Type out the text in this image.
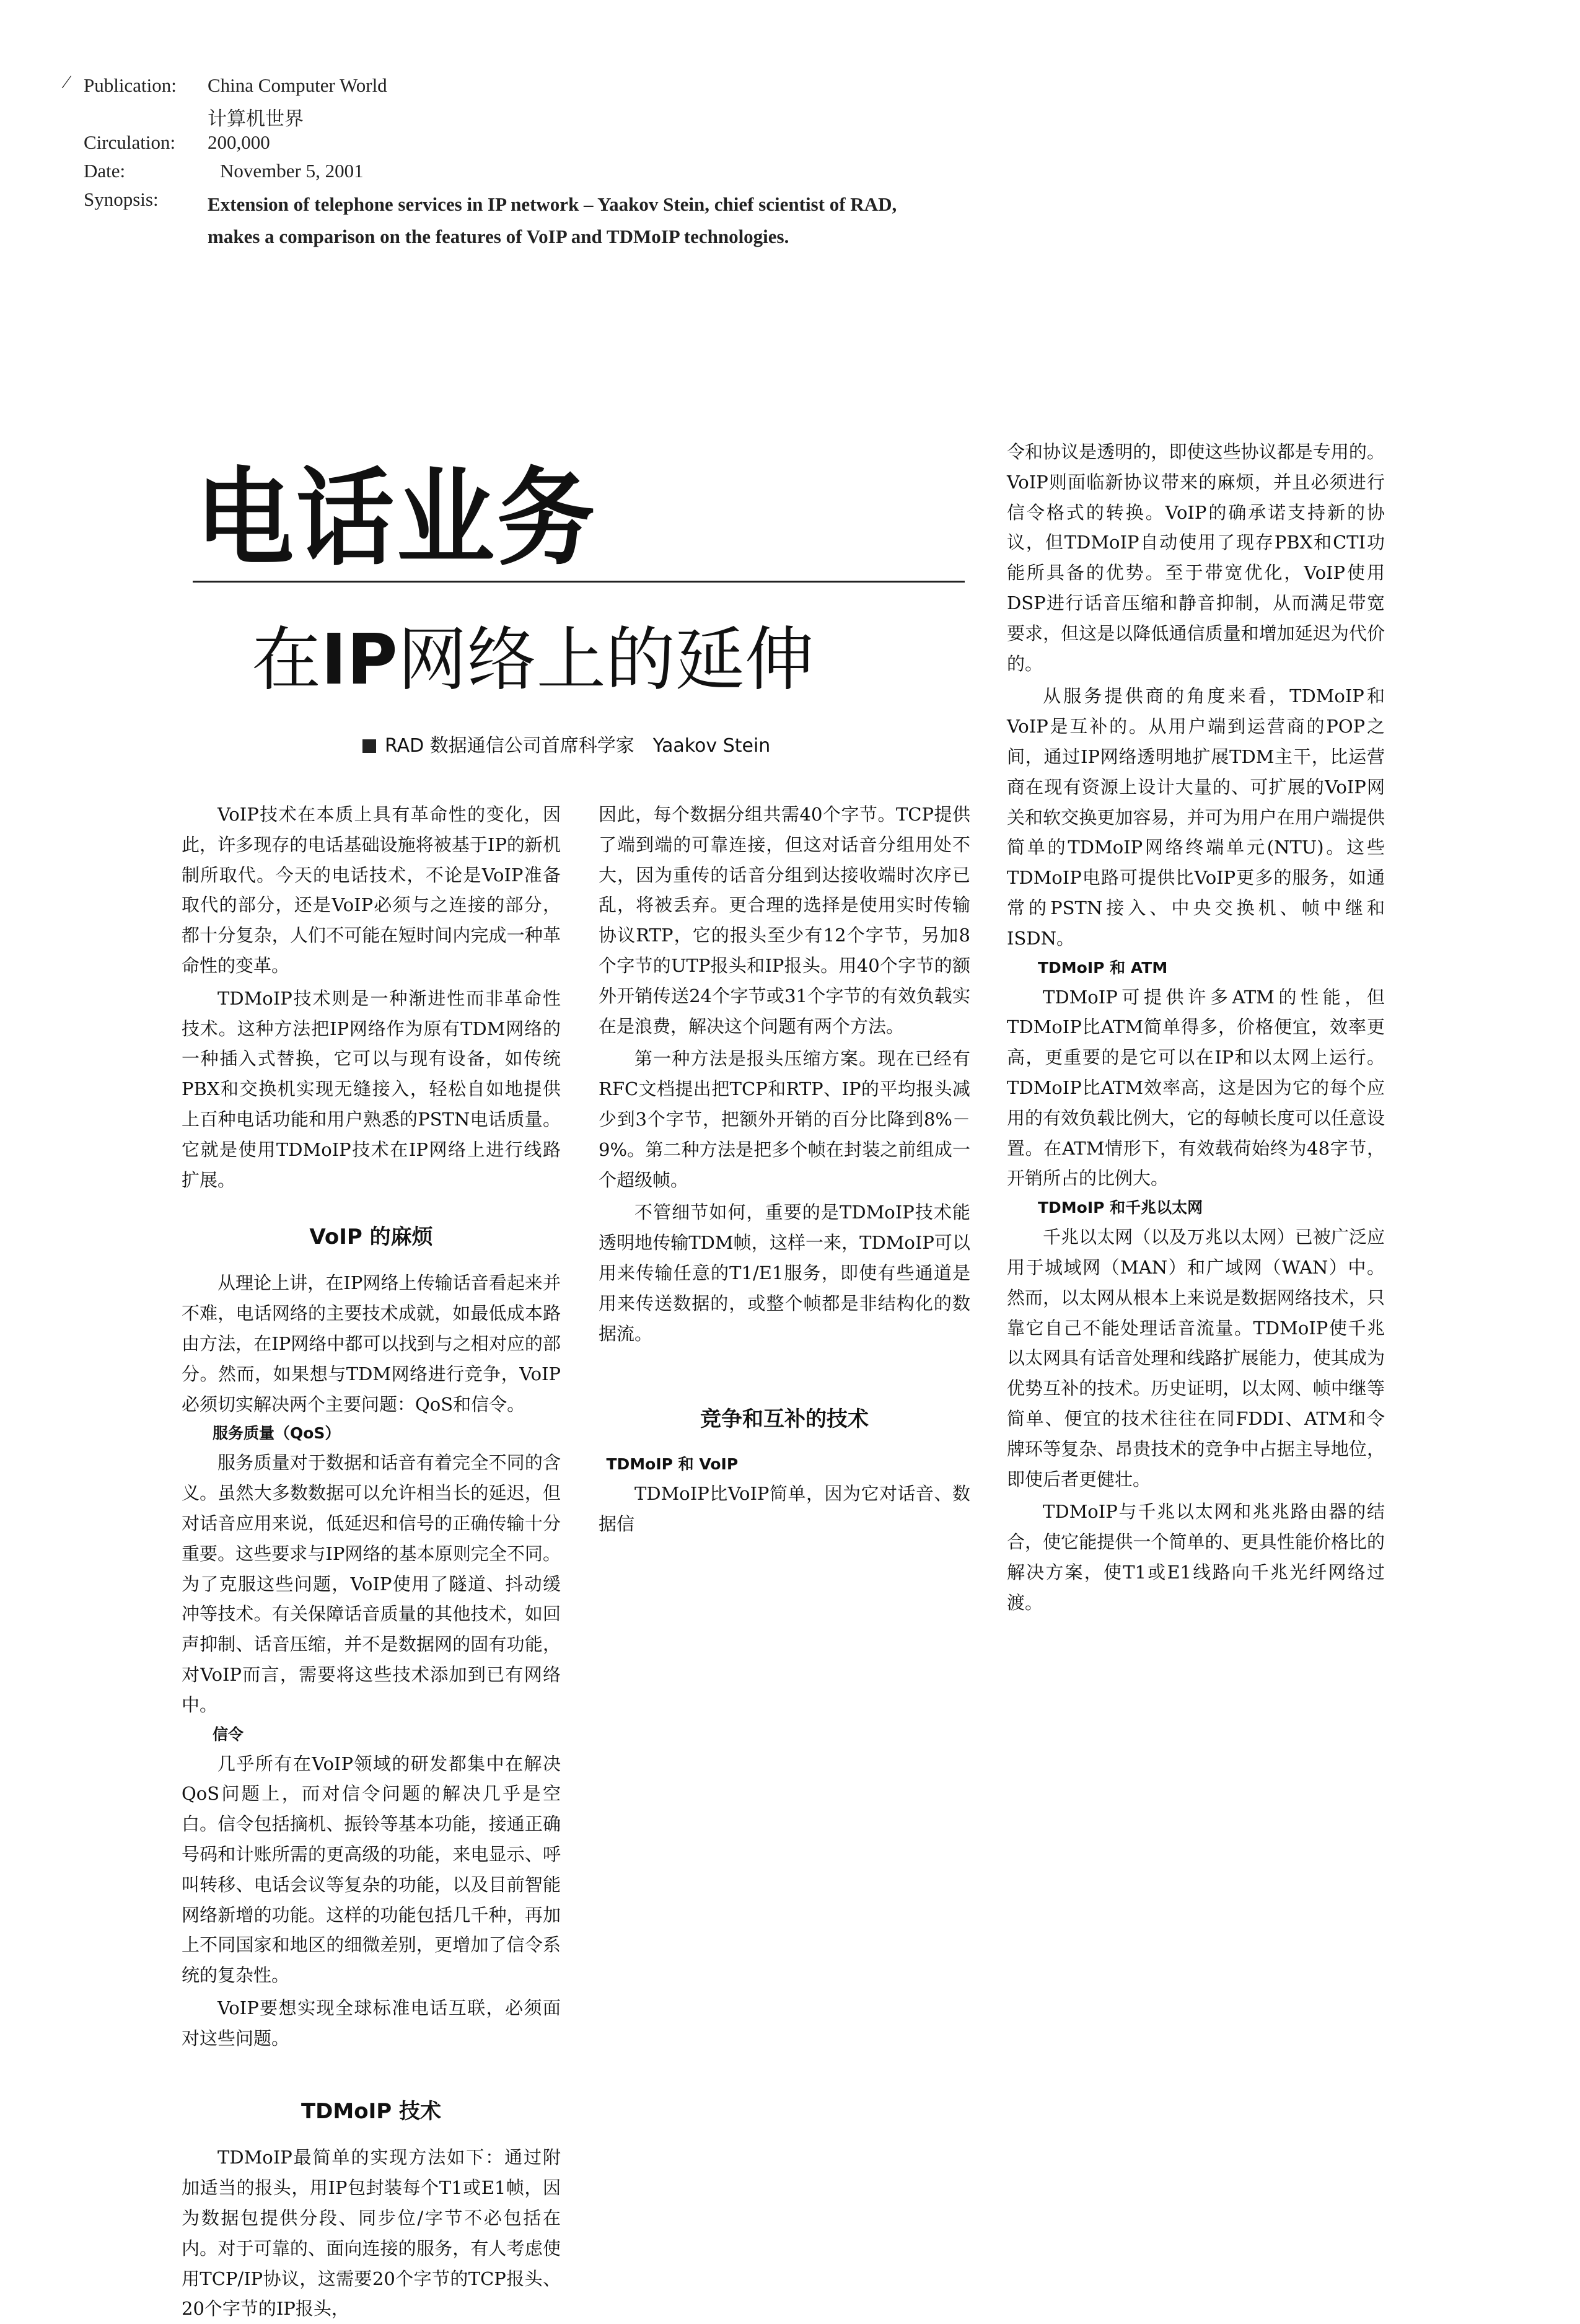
⁄ Publication:	China Computer World
计算机世界
Circulation:	200,000
Date:	November 5, 2001
Synopsis:	Extension of telephone services in IP network – Yaakov Stein, chief scientist of RAD, makes a comparison on the features of VoIP and TDMoIP technologies.
电话业务
在IP网络上的延伸
RAD 数据通信公司首席科学家　Yaakov Stein

VoIP技术在本质上具有革命性的变化，因此，许多现存的电话基础设施将被基于IP的新机制所取代。今天的电话技术，不论是VoIP准备取代的部分，还是VoIP必须与之连接的部分，都十分复杂，人们不可能在短时间内完成一种革命性的变革。

TDMoIP技术则是一种渐进性而非革命性技术。这种方法把IP网络作为原有TDM网络的一种插入式替换，它可以与现有设备，如传统PBX和交换机实现无缝接入，轻松自如地提供上百种电话功能和用户熟悉的PSTN电话质量。它就是使用TDMoIP技术在IP网络上进行线路扩展。

VoIP 的麻烦

从理论上讲，在IP网络上传输话音看起来并不难，电话网络的主要技术成就，如最低成本路由方法，在IP网络中都可以找到与之相对应的部分。然而，如果想与TDM网络进行竞争，VoIP必须切实解决两个主要问题：QoS和信令。

服务质量（QoS）

服务质量对于数据和话音有着完全不同的含义。虽然大多数数据可以允许相当长的延迟，但对话音应用来说，低延迟和信号的正确传输十分重要。这些要求与IP网络的基本原则完全不同。为了克服这些问题，VoIP使用了隧道、抖动缓冲等技术。有关保障话音质量的其他技术，如回声抑制、话音压缩，并不是数据网的固有功能，对VoIP而言，需要将这些技术添加到已有网络中。

信令

几乎所有在VoIP领域的研发都集中在解决QoS问题上，而对信令问题的解决几乎是空白。信令包括摘机、振铃等基本功能，接通正确号码和计账所需的更高级的功能，来电显示、呼叫转移、电话会议等复杂的功能，以及目前智能网络新增的功能。这样的功能包括几千种，再加上不同国家和地区的细微差别，更增加了信令系统的复杂性。

VoIP要想实现全球标准电话互联，必须面对这些问题。

TDMoIP 技术

TDMoIP最简单的实现方法如下：通过附加适当的报头，用IP包封装每个T1或E1帧，因为数据包提供分段、同步位/字节不必包括在内。对于可靠的、面向连接的服务，有人考虑使用TCP/IP协议，这需要20个字节的TCP报头、20个字节的IP报头，

因此，每个数据分组共需40个字节。TCP提供了端到端的可靠连接，但这对话音分组用处不大，因为重传的话音分组到达接收端时次序已乱，将被丢弃。更合理的选择是使用实时传输协议RTP，它的报头至少有12个字节，另加8个字节的UTP报头和IP报头。用40个字节的额外开销传送24个字节或31个字节的有效负载实在是浪费，解决这个问题有两个方法。

第一种方法是报头压缩方案。现在已经有RFC文档提出把TCP和RTP、IP的平均报头减少到3个字节，把额外开销的百分比降到8%－9%。第二种方法是把多个帧在封装之前组成一个超级帧。

不管细节如何，重要的是TDMoIP技术能透明地传输TDM帧，这样一来，TDMoIP可以用来传输任意的T1/E1服务，即使有些通道是用来传送数据的，或整个帧都是非结构化的数据流。

竞争和互补的技术
TDMoIP 和 VoIP

TDMoIP比VoIP简单，因为它对话音、数据信

令和协议是透明的，即使这些协议都是专用的。VoIP则面临新协议带来的麻烦，并且必须进行信令格式的转换。VoIP的确承诺支持新的协议，但TDMoIP自动使用了现存PBX和CTI功能所具备的优势。至于带宽优化，VoIP使用DSP进行话音压缩和静音抑制，从而满足带宽要求，但这是以降低通信质量和增加延迟为代价的。

从服务提供商的角度来看，TDMoIP和VoIP是互补的。从用户端到运营商的POP之间，通过IP网络透明地扩展TDM主干，比运营商在现有资源上设计大量的、可扩展的VoIP网关和软交换更加容易，并可为用户在用户端提供简单的TDMoIP网络终端单元(NTU)。这些TDMoIP电路可提供比VoIP更多的服务，如通常的PSTN接入、中央交换机、帧中继和ISDN。

TDMoIP 和 ATM

TDMoIP可提供许多ATM的性能，但TDMoIP比ATM简单得多，价格便宜，效率更高，更重要的是它可以在IP和以太网上运行。TDMoIP比ATM效率高，这是因为它的每个应用的有效负载比例大，它的每帧长度可以任意设置。在ATM情形下，有效载荷始终为48字节，开销所占的比例大。

TDMoIP 和千兆以太网

千兆以太网（以及万兆以太网）已被广泛应用于城域网（MAN）和广域网（WAN）中。然而，以太网从根本上来说是数据网络技术，只靠它自己不能处理话音流量。TDMoIP使千兆以太网具有话音处理和线路扩展能力，使其成为优势互补的技术。历史证明，以太网、帧中继等简单、便宜的技术往往在同FDDI、ATM和令牌环等复杂、昂贵技术的竞争中占据主导地位，即使后者更健壮。

TDMoIP与千兆以太网和兆兆路由器的结合，使它能提供一个简单的、更具性能价格比的解决方案，使T1或E1线路向千兆光纤网络过渡。
